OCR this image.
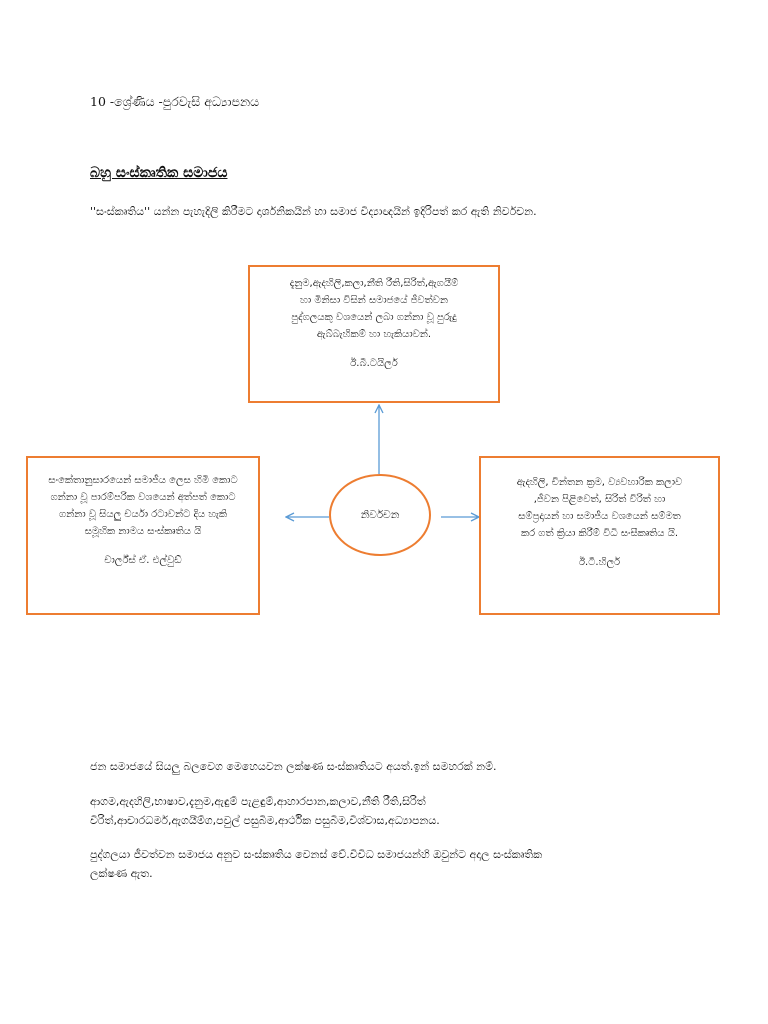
10 -ශ්‍රේණිය -පුරවැසි අධ්‍යාපනය
බහු සංස්කෘතික සමාජය
''සංස්කෘතිය'' යන්න පැහැදිලි කිරීමට දාර්ශනිකයින් හා සමාජ විද්‍යාඥයින් ඉදිරිපත් කර ඇති නිර්වචන.

දැනුම,ඇදහිලි,කලා,නීති රීති,සිරිත්,ඇගයීම්

හා මිනිසා විසින් සමාජයේ ජීවත්වන

පුද්ගලයකු වශයෙන් ලබා ගන්නා වූ පුරුදු

ඇබ්බැහිකම් හා හැකියාවන්.

ඊ.බී.ටයිලර්

සංකේතානුසාරයෙන් සමාජීය ලෙස හිමි කොට

ගන්නා වූ පාරම්පරික වශයෙන් අත්පත් කොට

ගන්නා වූ සියලු චර්යා රටාවන්ට දිය හැකි

සමූහික නාමය සංස්කෘතිය යි

චාර්ල්ස් ඒ. එල්වුඩ්

නිර්වචන

ඇදහිලි, චින්තන ක්‍රම, ව්‍යවහාරික කලාව

,ජීවන පිළිවෙත්, සිරිත් විරිත් හා

සම්ප්‍රදායන් හා සමාජීය වශයෙන් සම්මත

කර ගත් ක්‍රියා කිරීම් විධි සංසීකෘතිය යි.

ඊ.ටී.හිලර්

ජන සමාජයේ සියලු බලවෙග මෙහෙයවන ලක්ෂණ සංස්කෘතියට අයත්.ඉන් සමහරක් නම්.

ආගම,ඇදහිලි,භාෂාව,දැනුම,ඇඳුම් පැළඳුම්,ආහාරපාන,කලාව,නීති රීති,සිරිත්
විරිත්,ආචාරධර්ම,ඇගයීම්ග,පවුල් පසුබිම,ආර්ථික පසුබිම,විශ්වාස,අධ්‍යාපනය.
පුද්ගලයා ජීවත්වන සමාජය අනුව සංස්කෘතිය වෙනස් වේ.විවිධ සමාජයන්හි ඔවුන්ට අදාල සංස්කෘතික
ලක්ෂණ ඇත.
